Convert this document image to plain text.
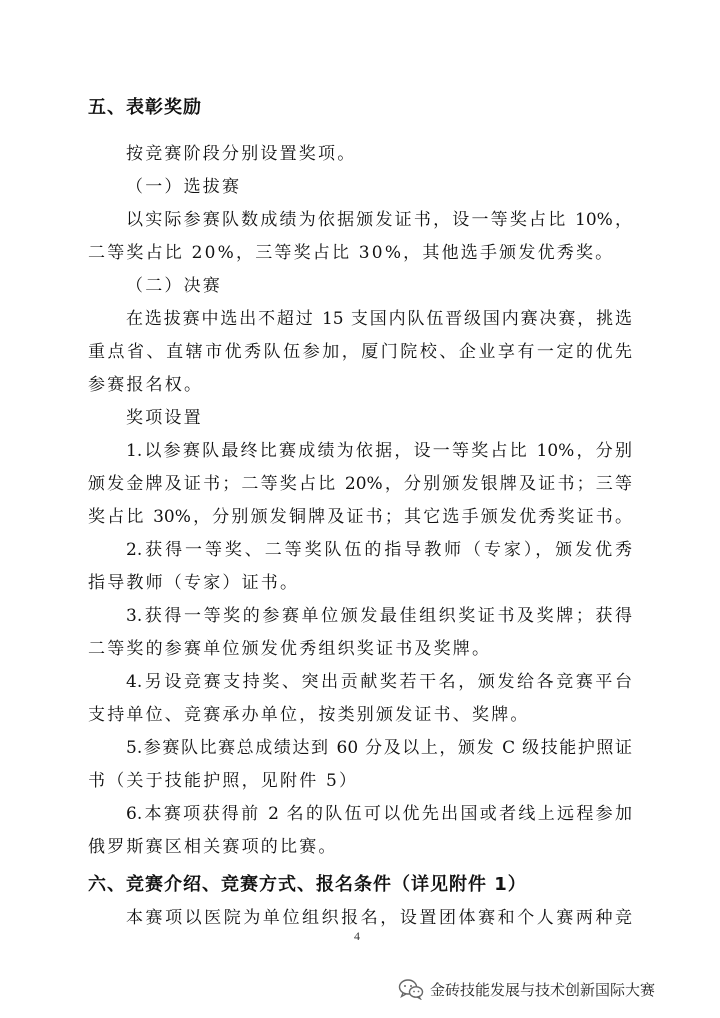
五、表彰奖励
按竞赛阶段分别设置奖项。
（一）选拔赛
以实际参赛队数成绩为依据颁发证书，设一等奖占比 10%，
二等奖占比 20%，三等奖占比 30%，其他选手颁发优秀奖。
（二）决赛
在选拔赛中选出不超过 15 支国内队伍晋级国内赛决赛，挑选
重点省、直辖市优秀队伍参加，厦门院校、企业享有一定的优先
参赛报名权。
奖项设置
1.以参赛队最终比赛成绩为依据，设一等奖占比 10%，分别
颁发金牌及证书；二等奖占比 20%，分别颁发银牌及证书；三等
奖占比 30%，分别颁发铜牌及证书；其它选手颁发优秀奖证书。
2.获得一等奖、二等奖队伍的指导教师（专家），颁发优秀
指导教师（专家）证书。
3.获得一等奖的参赛单位颁发最佳组织奖证书及奖牌；获得
二等奖的参赛单位颁发优秀组织奖证书及奖牌。
4.另设竞赛支持奖、突出贡献奖若干名，颁发给各竞赛平台
支持单位、竞赛承办单位，按类别颁发证书、奖牌。
5.参赛队比赛总成绩达到 60 分及以上，颁发 C 级技能护照证
书（关于技能护照，见附件 5）
6.本赛项获得前 2 名的队伍可以优先出国或者线上远程参加
俄罗斯赛区相关赛项的比赛。
六、竞赛介绍、竞赛方式、报名条件（详见附件 1）
本赛项以医院为单位组织报名，设置团体赛和个人赛两种竞
4
金砖技能发展与技术创新国际大赛
